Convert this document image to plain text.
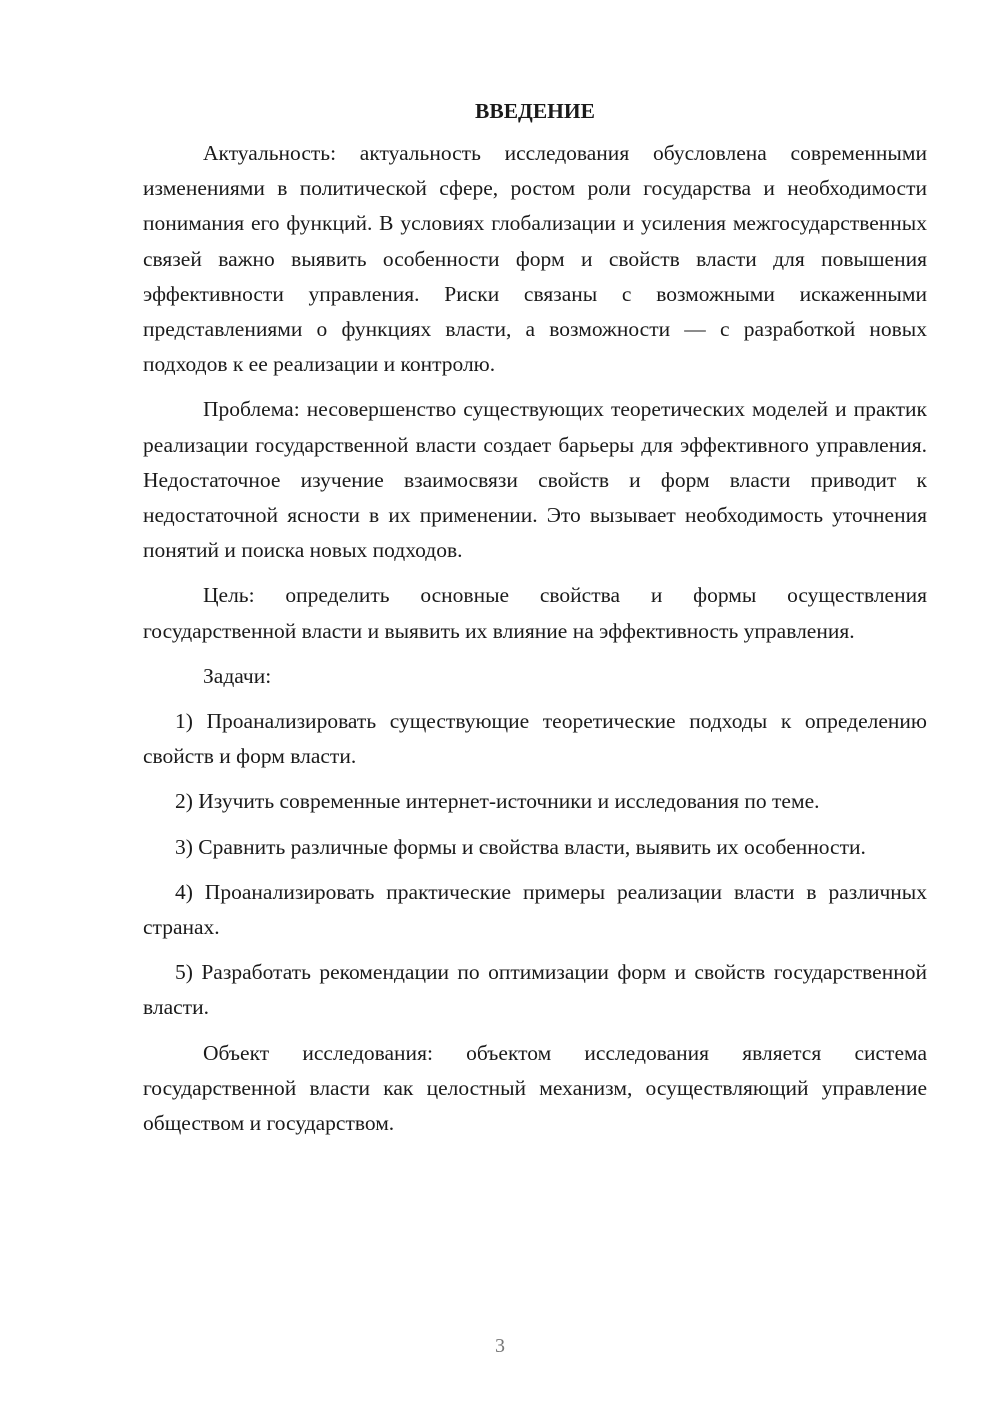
ВВЕДЕНИЕ

Актуальность: актуальность исследования обусловлена современными изменениями в политической сфере, ростом роли государства и необходимости понимания его функций. В условиях глобализации и усиления межгосударственных связей важно выявить особенности форм и свойств власти для повышения эффективности управления. Риски связаны с возможными искаженными представлениями о функциях власти, а возможности — с разработкой новых подходов к ее реализации и контролю.

Проблема: несовершенство существующих теоретических моделей и практик реализации государственной власти создает барьеры для эффективного управления. Недостаточное изучение взаимосвязи свойств и форм власти приводит к недостаточной ясности в их применении. Это вызывает необходимость уточнения понятий и поиска новых подходов.

Цель: определить основные свойства и формы осуществления государственной власти и выявить их влияние на эффективность управления.

Задачи:

1) Проанализировать существующие теоретические подходы к определению свойств и форм власти.

2) Изучить современные интернет-источники и исследования по теме.

3) Сравнить различные формы и свойства власти, выявить их особенности.

4) Проанализировать практические примеры реализации власти в различных странах.

5) Разработать рекомендации по оптимизации форм и свойств государственной власти.

Объект исследования: объектом исследования является система государственной власти как целостный механизм, осуществляющий управление обществом и государством.

3
